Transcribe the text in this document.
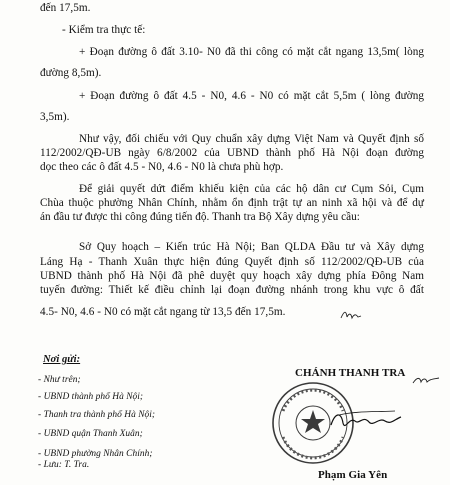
đến 17,5m.
- Kiểm tra thực tế:
+ Đoạn đường ô đất 3.10- N0 đã thi công có mặt cắt ngang 13,5m( lòng
đường 8,5m).
+ Đoạn đường ô đất 4.5 - N0, 4.6 - N0 có mặt cắt 5,5m ( lòng đường
3,5m).
Như vậy, đối chiếu với Quy chuẩn xây dựng Việt Nam và Quyết định số
112/2002/QĐ-UB ngày 6/8/2002 của UBND thành phố Hà Nội đoạn đường
dọc theo các ô đất 4.5 - N0, 4.6 - N0 là chưa phù hợp.
Để giải quyết dứt điểm khiếu kiện của các hộ dân cư Cụm Sỏi, Cụm
Chùa thuộc phường Nhân Chính, nhằm ổn định trật tự an ninh xã hội và để dự
án đầu tư được thi công đúng tiến độ. Thanh tra Bộ Xây dựng yêu cầu:
Sở Quy hoạch – Kiến trúc Hà Nội; Ban QLDA Đầu tư và Xây dựng
Láng Hạ - Thanh Xuân thực hiện đúng Quyết định số 112/2002/QĐ-UB của
UBND thành phố Hà Nội đã phê duyệt quy hoạch xây dựng phía Đông Nam
tuyến đường: Thiết kế điều chỉnh lại đoạn đường nhánh trong khu vực ô đất
4.5- N0, 4.6 - N0 có mặt cắt ngang từ 13,5 đến 17,5m.
Nơi gửi:
- Như trên;
- UBND thành phố Hà Nội;
- Thanh tra thành phố Hà Nội;
- UBND quận Thanh Xuân;
- UBND phường Nhân Chính;
- Lưu: T. Tra.
CHÁNH THANH TRA
Phạm Gia Yên
